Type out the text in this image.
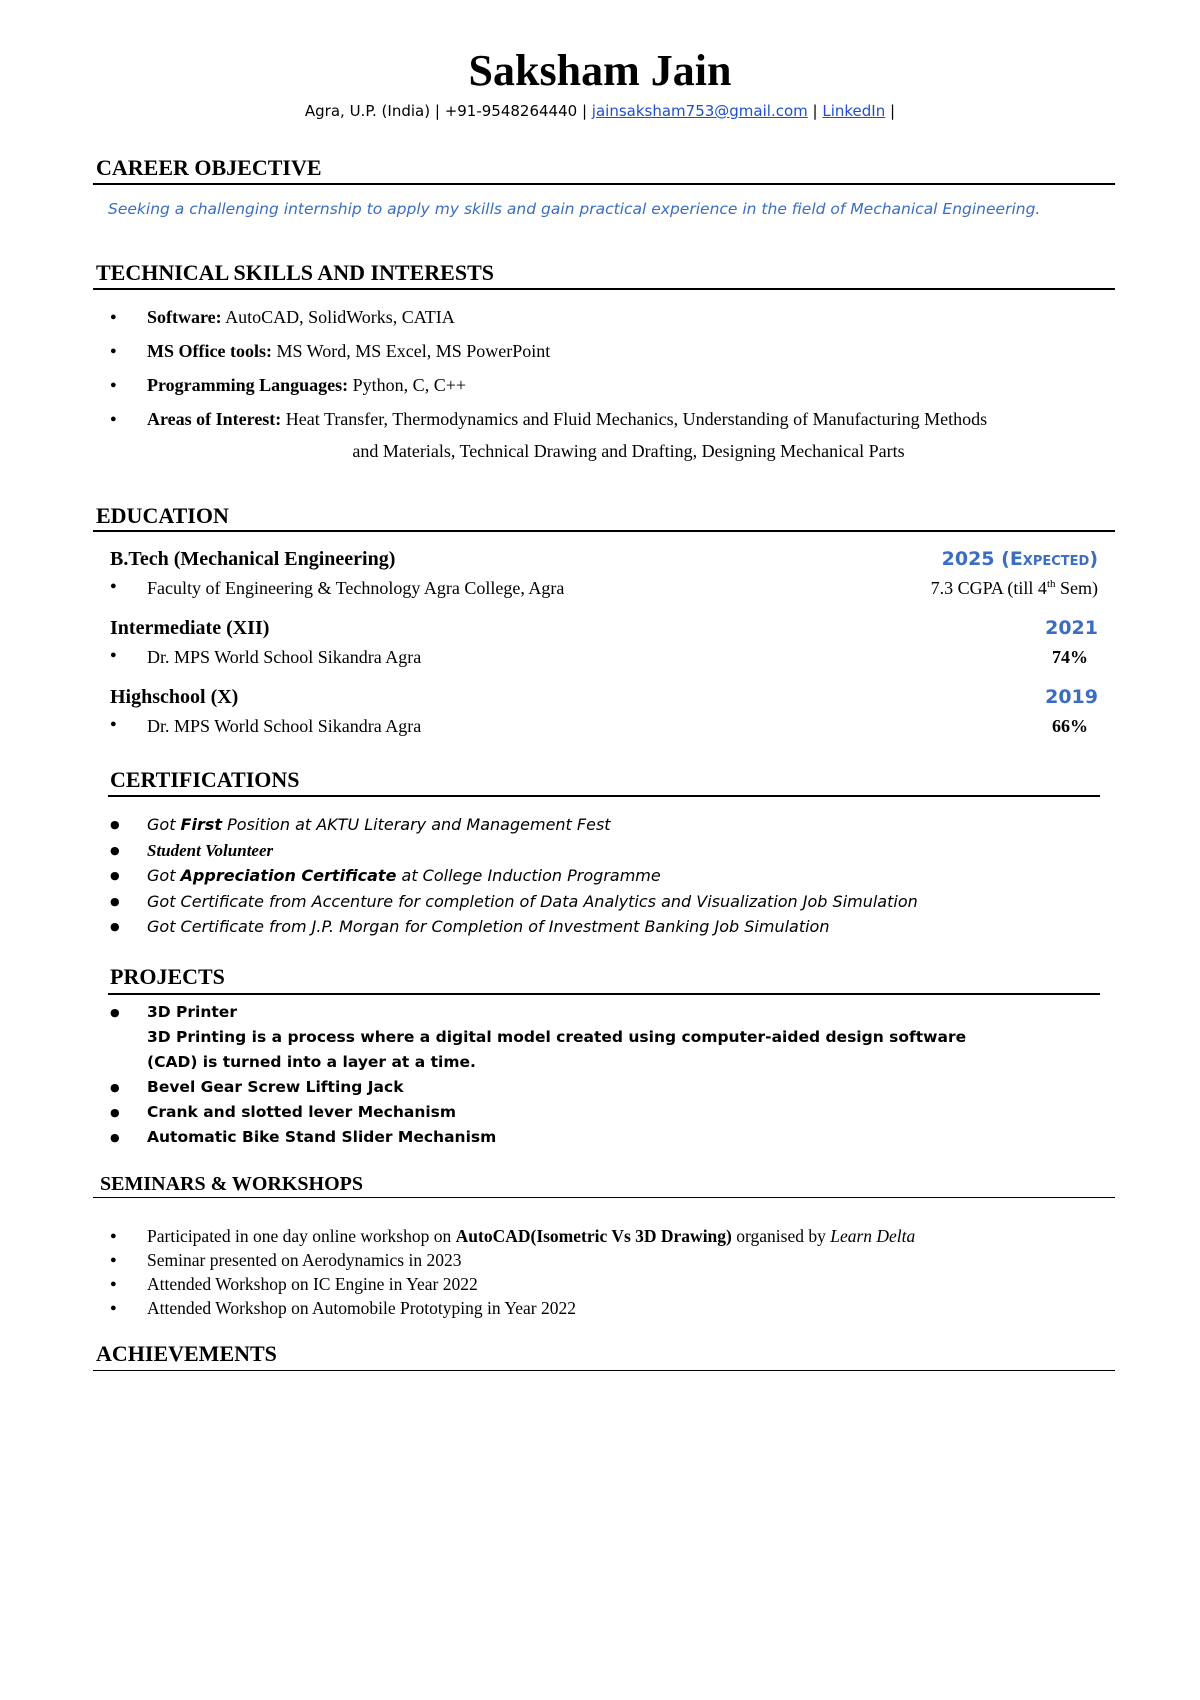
Saksham Jain
Agra, U.P. (India) | +91-9548264440 | jainsaksham753@gmail.com | LinkedIn |
CAREER OBJECTIVE
Seeking a challenging internship to apply my skills and gain practical experience in the field of Mechanical Engineering.
TECHNICAL SKILLS AND INTERESTS
● Software: AutoCAD, SolidWorks, CATIA
● MS Office tools: MS Word, MS Excel, MS PowerPoint
● Programming Languages: Python, C, C++
● Areas of Interest: Heat Transfer, Thermodynamics and Fluid Mechanics, Understanding of Manufacturing Methods
and Materials, Technical Drawing and Drafting, Designing Mechanical Parts
EDUCATION
B.Tech (Mechanical Engineering)	2025 (Expected)
● Faculty of Engineering & Technology Agra College, Agra	7.3 CGPA (till 4th Sem)
Intermediate (XII)	2021
● Dr. MPS World School Sikandra Agra	74%
Highschool (X)	2019
● Dr. MPS World School Sikandra Agra	66%
CERTIFICATIONS
● Got First Position at AKTU Literary and Management Fest
● Student Volunteer
● Got Appreciation Certificate at College Induction Programme
● Got Certificate from Accenture for completion of Data Analytics and Visualization Job Simulation
● Got Certificate from J.P. Morgan for Completion of Investment Banking Job Simulation
PROJECTS
● 3D Printer
3D Printing is a process where a digital model created using computer-aided design software
(CAD) is turned into a layer at a time.
● Bevel Gear Screw Lifting Jack
● Crank and slotted lever Mechanism
● Automatic Bike Stand Slider Mechanism
SEMINARS & WORKSHOPS
● Participated in one day online workshop on AutoCAD(Isometric Vs 3D Drawing) organised by Learn Delta
● Seminar presented on Aerodynamics in 2023
● Attended Workshop on IC Engine in Year 2022
● Attended Workshop on Automobile Prototyping in Year 2022
ACHIEVEMENTS
